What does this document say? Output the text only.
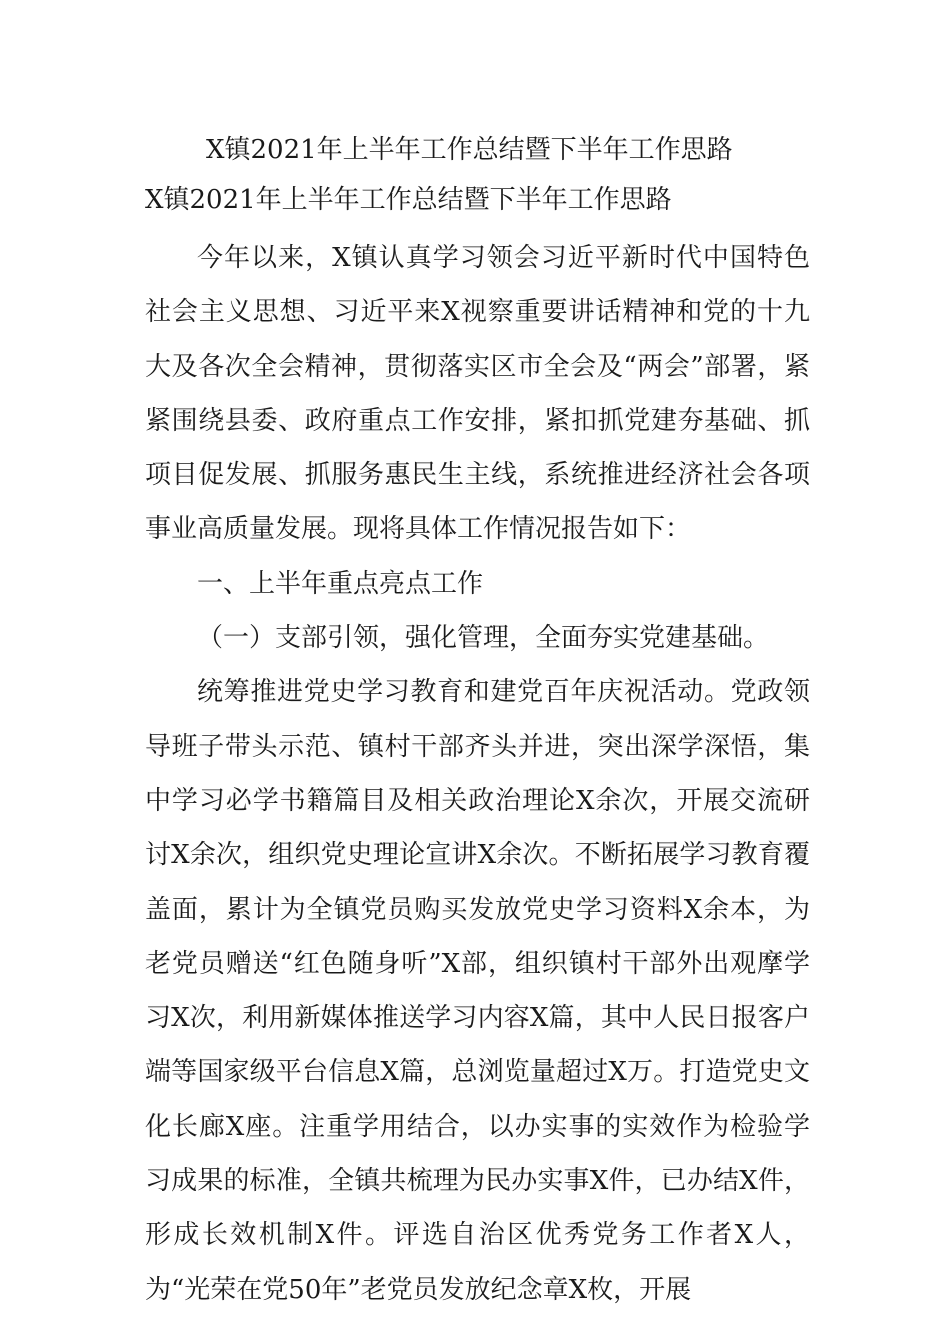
X镇2021年上半年工作总结暨下半年工作思路
X镇2021年上半年工作总结暨下半年工作思路

今年以来，X镇认真学习领会习近平新时代中国特色社会主义思想、习近平来X视察重要讲话精神和党的十九大及各次全会精神，贯彻落实区市全会及“两会”部署，紧紧围绕县委、政府重点工作安排，紧扣抓党建夯基础、抓项目促发展、抓服务惠民生主线，系统推进经济社会各项事业高质量发展。现将具体工作情况报告如下：

一、上半年重点亮点工作

（一）支部引领，强化管理，全面夯实党建基础。

统筹推进党史学习教育和建党百年庆祝活动。党政领导班子带头示范、镇村干部齐头并进，突出深学深悟，集中学习必学书籍篇目及相关政治理论X余次，开展交流研讨X余次，组织党史理论宣讲X余次。不断拓展学习教育覆盖面，累计为全镇党员购买发放党史学习资料X余本，为老党员赠送“红色随身听”X部，组织镇村干部外出观摩学习X次，利用新媒体推送学习内容X篇，其中人民日报客户端等国家级平台信息X篇，总浏览量超过X万。打造党史文化长廊X座。注重学用结合，以办实事的实效作为检验学习成果的标准，全镇共梳理为民办实事X件，已办结X件，形成长效机制X件。评选自治区优秀党务工作者X人，为“光荣在党50年”老党员发放纪念章X枚，开展
